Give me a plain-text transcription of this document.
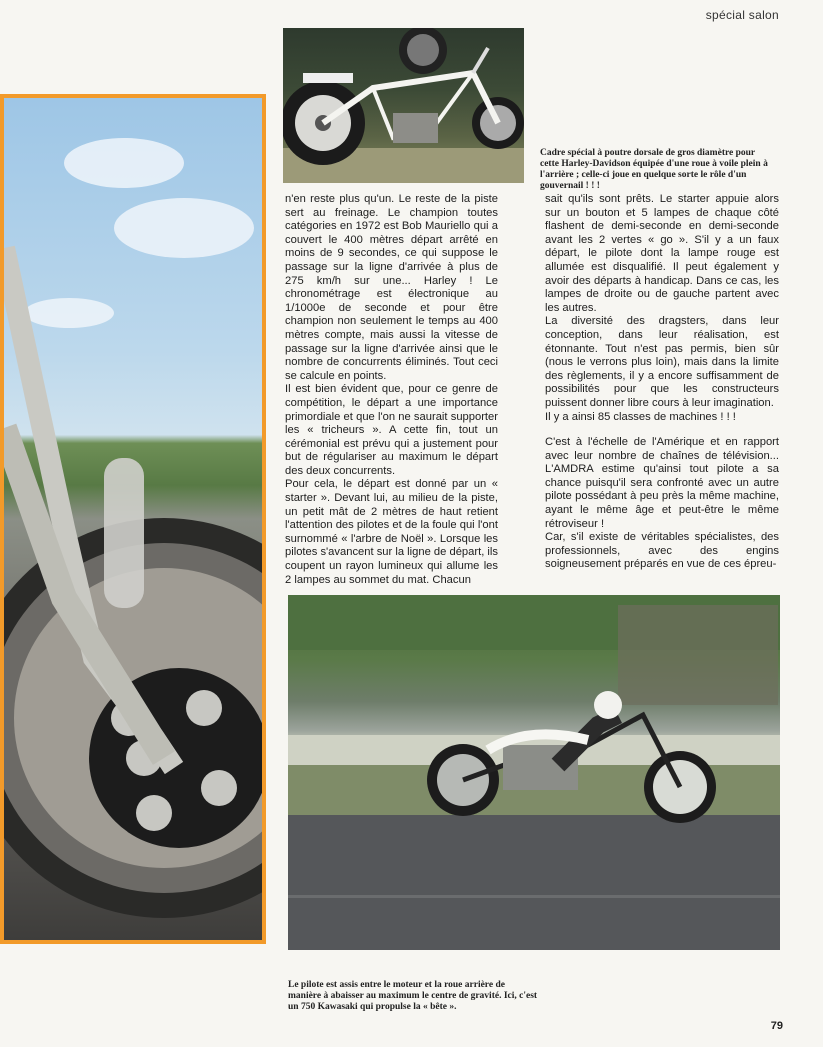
spécial salon
Cadre spécial à poutre dorsale de gros diamètre pour cette Harley-Davidson équipée d'une roue à voile plein à l'arrière ; celle-ci joue en quelque sorte le rôle d'un gouvernail ! ! !

n'en reste plus qu'un. Le reste de la piste sert au freinage. Le champion toutes catégories en 1972 est Bob Mauriello qui a couvert le 400 mètres départ arrêté en moins de 9 secondes, ce qui suppose le passage sur la ligne d'arrivée à plus de 275 km/h sur une... Harley ! Le chronométrage est électronique au 1/1000e de seconde et pour être champion non seulement le temps au 400 mètres compte, mais aussi la vitesse de passage sur la ligne d'arrivée ainsi que le nombre de concurrents éliminés. Tout ceci se calcule en points.

Il est bien évident que, pour ce genre de compétition, le départ a une importance primordiale et que l'on ne saurait supporter les « tricheurs ». A cette fin, tout un cérémonial est prévu qui a justement pour but de régulariser au maximum le départ des deux concurrents.

Pour cela, le départ est donné par un « starter ». Devant lui, au milieu de la piste, un petit mât de 2 mètres de haut retient l'attention des pilotes et de la foule qui l'ont surnommé « l'arbre de Noël ». Lorsque les pilotes s'avancent sur la ligne de départ, ils coupent un rayon lumineux qui allume les 2 lampes au sommet du mat. Chacun

sait qu'ils sont prêts. Le starter appuie alors sur un bouton et 5 lampes de chaque côté flashent de demi-seconde en demi-seconde avant les 2 vertes « go ». S'il y a un faux départ, le pilote dont la lampe rouge est allumée est disqualifié. Il peut également y avoir des départs à handicap. Dans ce cas, les lampes de droite ou de gauche partent avec les autres.

La diversité des dragsters, dans leur conception, dans leur réalisation, est étonnante. Tout n'est pas permis, bien sûr (nous le verrons plus loin), mais dans la limite des règlements, il y a encore suffisamment de possibilités pour que les constructeurs puissent donner libre cours à leur imagination.

Il y a ainsi 85 classes de machines ! ! !

C'est à l'échelle de l'Amérique et en rapport avec leur nombre de chaînes de télévision... L'AMDRA estime qu'ainsi tout pilote a sa chance puisqu'il sera confronté avec un autre pilote possédant à peu près la même machine, ayant le même âge et peut-être le même rétroviseur !

Car, s'il existe de véritables spécialistes, des professionnels, avec des engins soigneusement préparés en vue de ces épreu-

Le pilote est assis entre le moteur et la roue arrière de manière à abaisser au maximum le centre de gravité. Ici, c'est un 750 Kawasaki qui propulse la « bête ».
79
